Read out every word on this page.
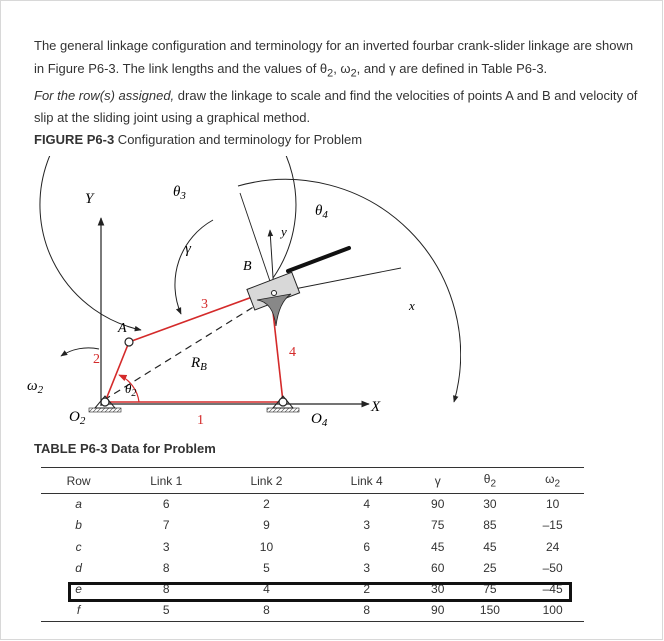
The general linkage configuration and terminology for an inverted fourbar crank-slider linkage are shown in Figure P6-3. The link lengths and the values of $\theta_2$, $\omega_2$, and γ are defined in Table P6-3.
For the row(s) assigned, draw the linkage to scale and find the velocities of points A and B and velocity of slip at the sliding joint using a graphical method.

FIGURE P6-3 Configuration and terminology for Problem

$\theta_3$
$\theta_4$
Y
y
γ
B
3
A
2	4
$R_B$
$\omega_2$	$\theta_2$
x
X
$O_2$	1	$O_4$

TABLE P6-3 Data for Problem

Row	Link 1	Link 2	Link 4	γ	$\theta_2$	$\omega_2$
a	6	2	4	90	30	10
b	7	9	3	75	85	–15
c	3	10	6	45	45	24
d	8	5	3	60	25	–50
e	8	4	2	30	75	–45
f	5	8	8	90	150	100
